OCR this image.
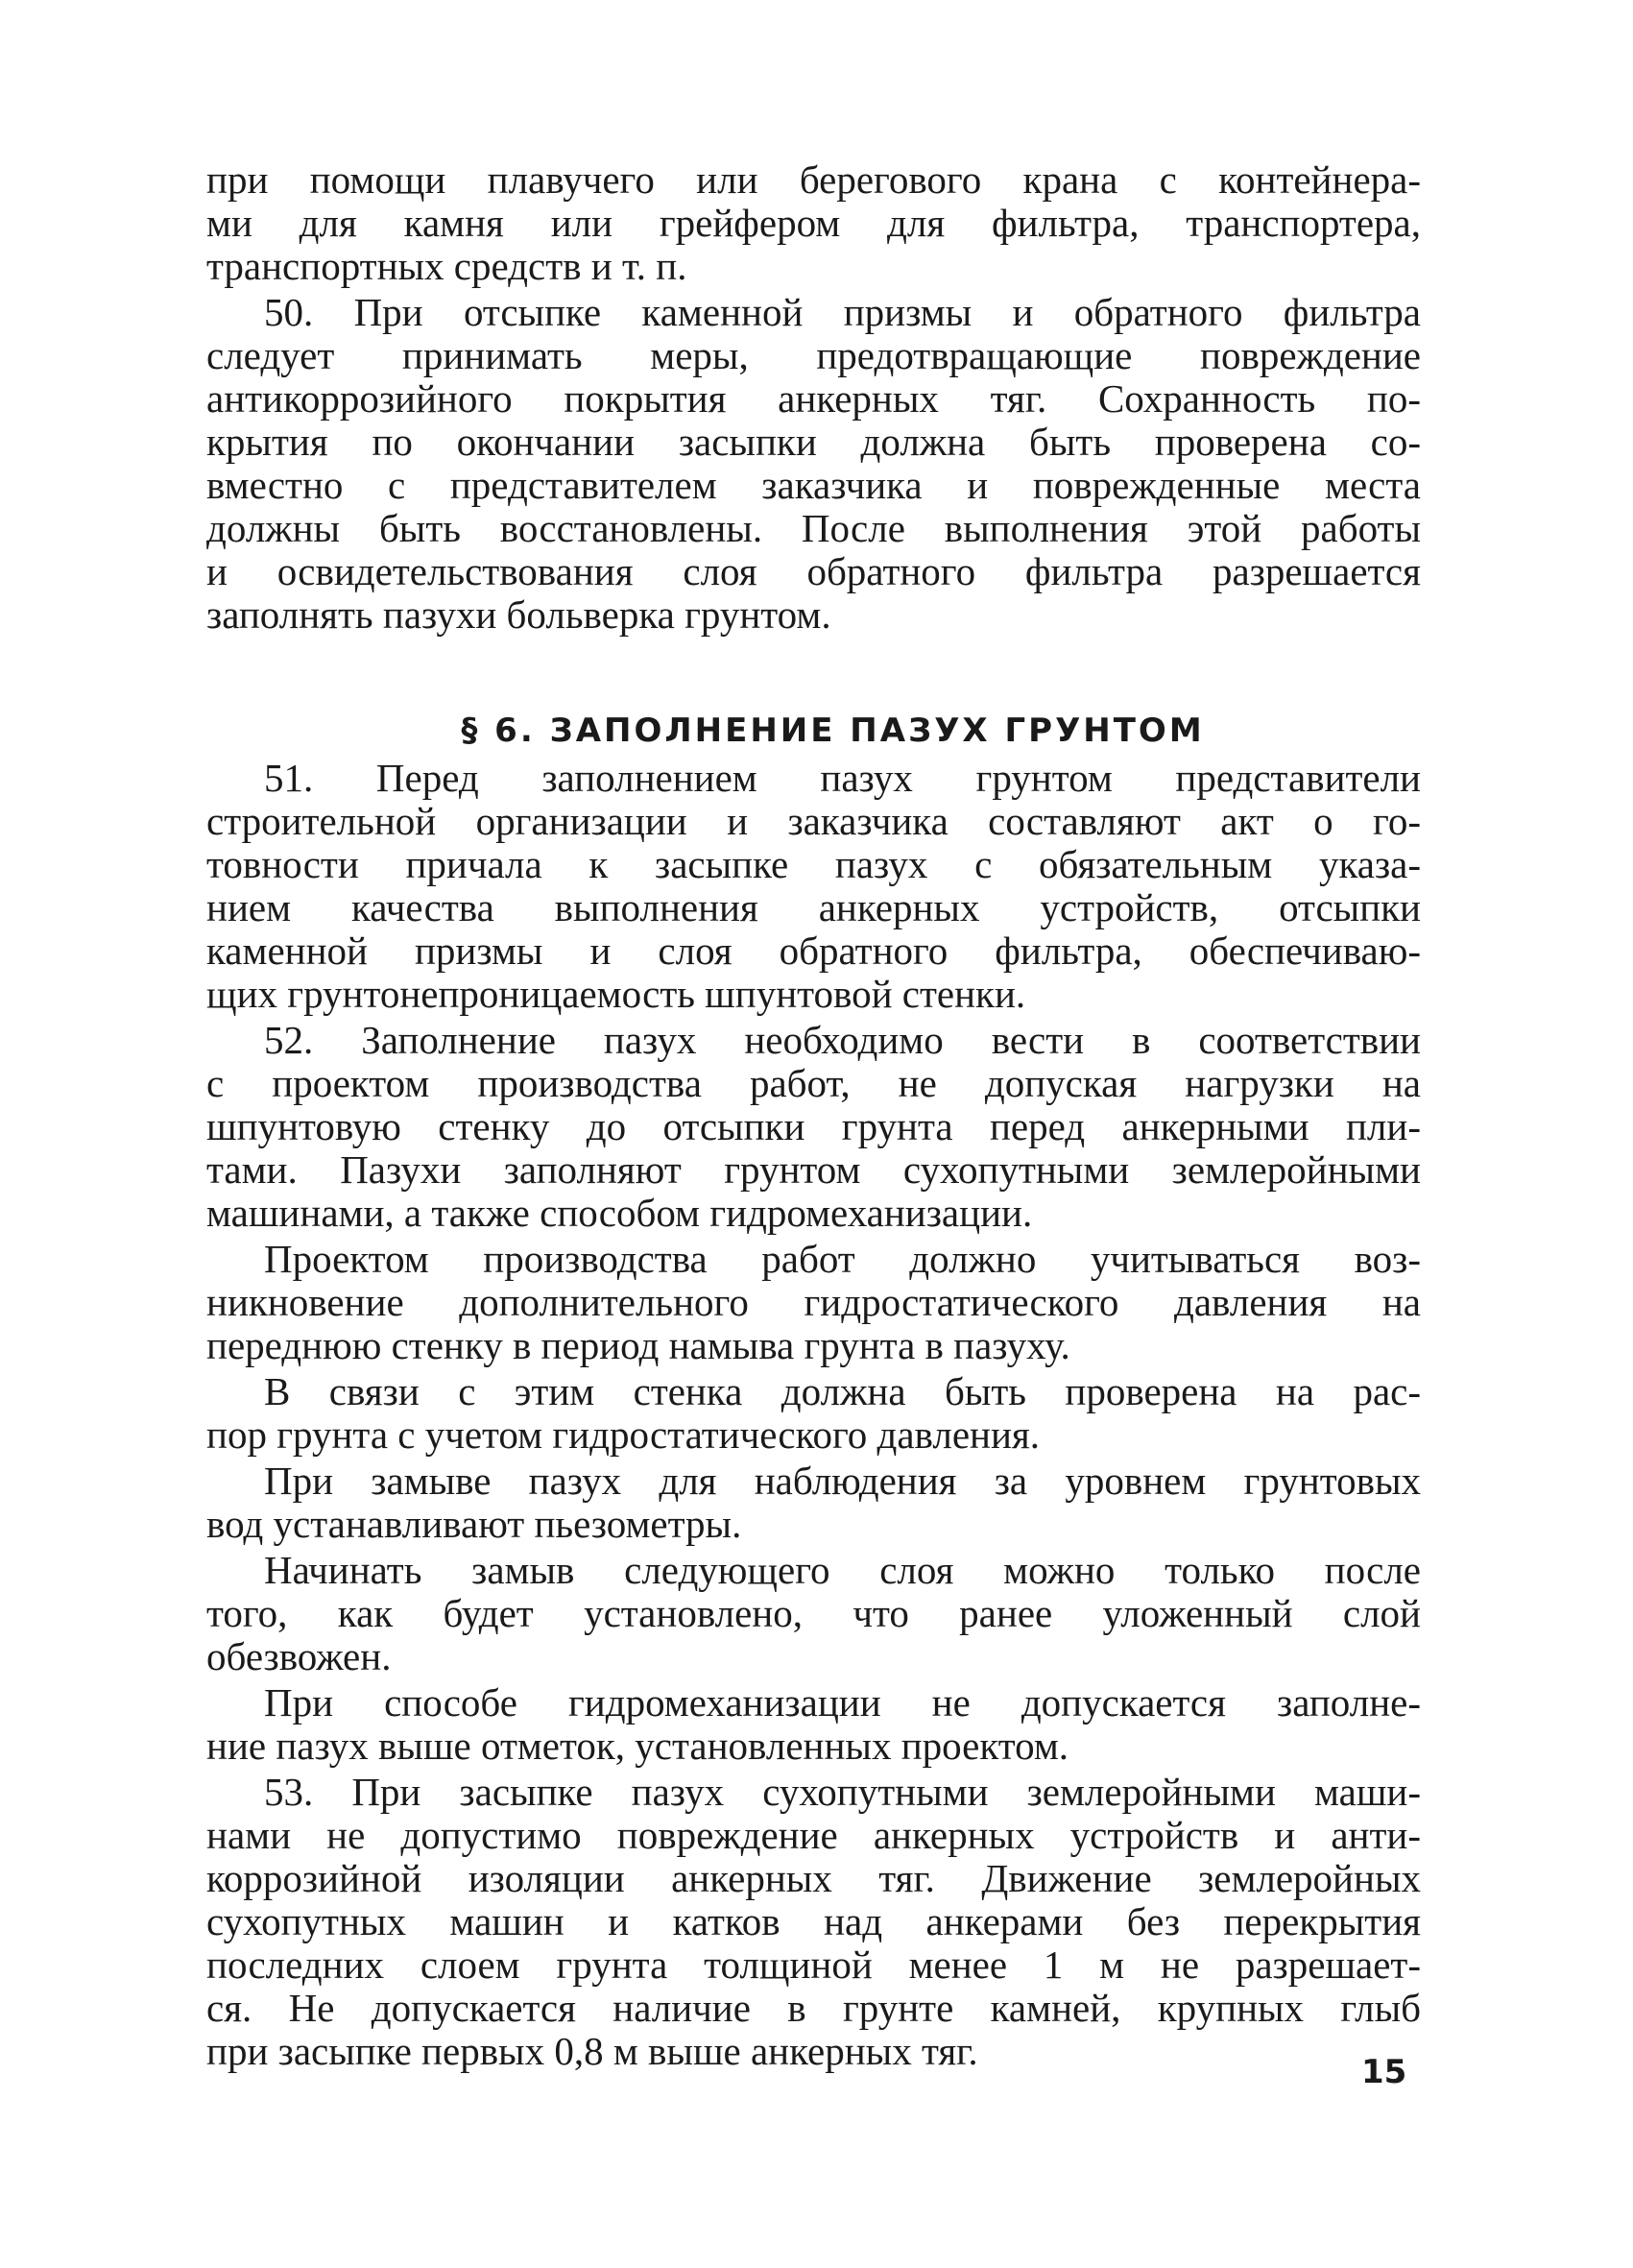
при помощи плавучего или берегового крана с контейнера-
ми для камня или грейфером для фильтра, транспортера,
транспортных средств и т. п.
50. При отсыпке каменной призмы и обратного фильтра
следует принимать меры, предотвращающие повреждение
антикоррозийного покрытия анкерных тяг. Сохранность по-
крытия по окончании засыпки должна быть проверена со-
вместно с представителем заказчика и поврежденные места
должны быть восстановлены. После выполнения этой работы
и освидетельствования слоя обратного фильтра разрешается
заполнять пазухи больверка грунтом.
§ 6. ЗАПОЛНЕНИЕ ПАЗУХ ГРУНТОМ
51. Перед заполнением пазух грунтом представители
строительной организации и заказчика составляют акт о го-
товности причала к засыпке пазух с обязательным указа-
нием качества выполнения анкерных устройств, отсыпки
каменной призмы и слоя обратного фильтра, обеспечиваю-
щих грунтонепроницаемость шпунтовой стенки.
52. Заполнение пазух необходимо вести в соответствии
с проектом производства работ, не допуская нагрузки на
шпунтовую стенку до отсыпки грунта перед анкерными пли-
тами. Пазухи заполняют грунтом сухопутными землеройными
машинами, а также способом гидромеханизации.
Проектом производства работ должно учитываться воз-
никновение дополнительного гидростатического давления на
переднюю стенку в период намыва грунта в пазуху.
В связи с этим стенка должна быть проверена на рас-
пор грунта с учетом гидростатического давления.
При замыве пазух для наблюдения за уровнем грунтовых
вод устанавливают пьезометры.
Начинать замыв следующего слоя можно только после
того, как будет установлено, что ранее уложенный слой
обезвожен.
При способе гидромеханизации не допускается заполне-
ние пазух выше отметок, установленных проектом.
53. При засыпке пазух сухопутными землеройными маши-
нами не допустимо повреждение анкерных устройств и анти-
коррозийной изоляции анкерных тяг. Движение землеройных
сухопутных машин и катков над анкерами без перекрытия
последних слоем грунта толщиной менее 1 м не разрешает-
ся. Не допускается наличие в грунте камней, крупных глыб
при засыпке первых 0,8 м выше анкерных тяг.	15
